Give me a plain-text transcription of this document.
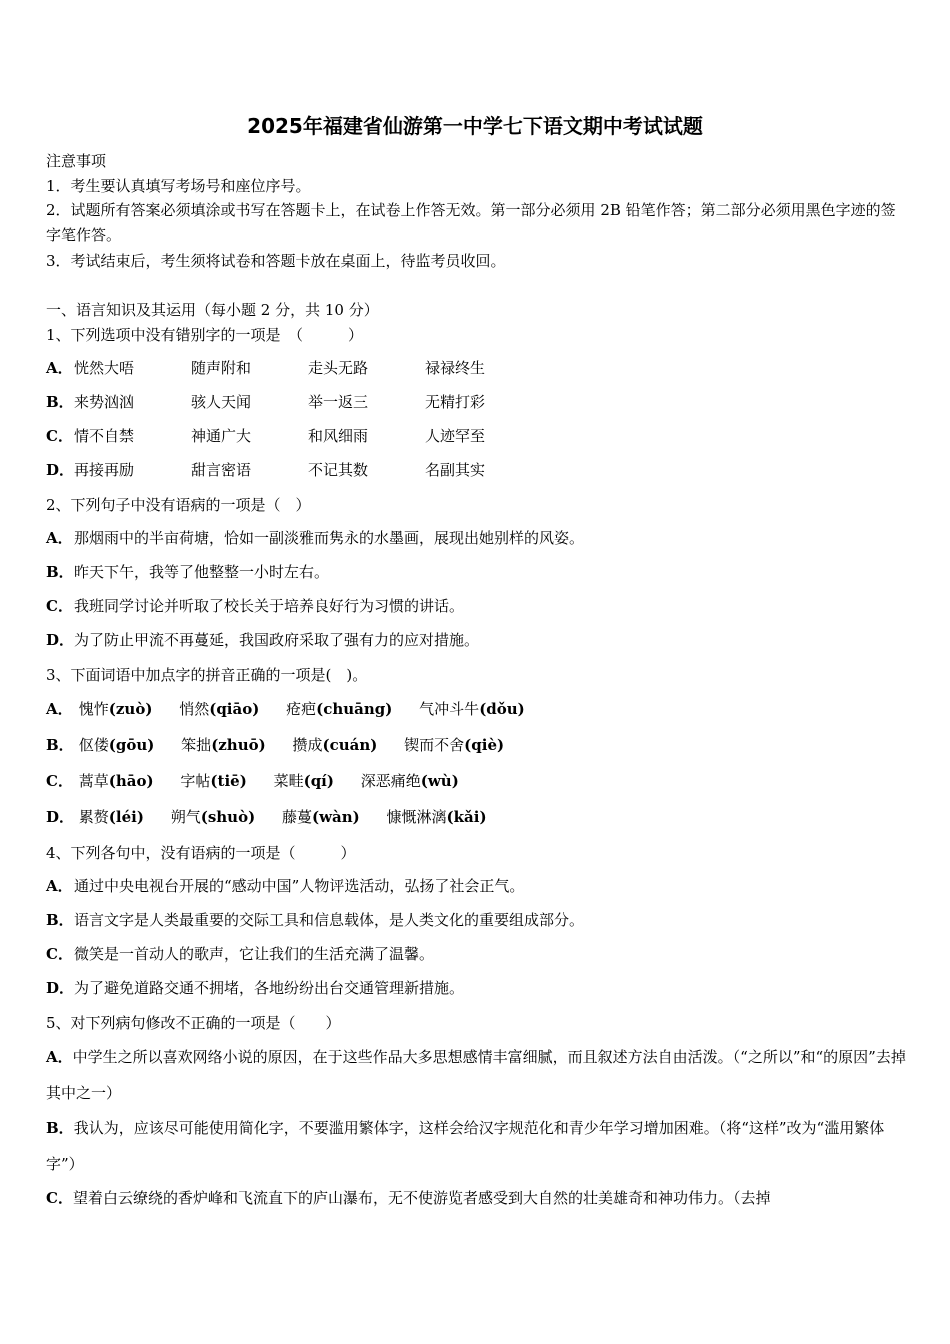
2025年福建省仙游第一中学七下语文期中考试试题
注意事项
1．考生要认真填写考场号和座位序号。
2．试题所有答案必须填涂或书写在答题卡上，在试卷上作答无效。第一部分必须用 2B 铅笔作答；第二部分必须用黑色字迹的签字笔作答。
3．考试结束后，考生须将试卷和答题卡放在桌面上，待监考员收回。
一、语言知识及其运用（每小题 2 分，共 10 分）
1、下列选项中没有错别字的一项是　（　　　）
A．恍然大唔	随声附和	走头无路	禄禄终生
B．来势汹汹	骇人天闻	举一返三	无精打彩
C．情不自禁	神通广大	和风细雨	人迹罕至
D．再接再励	甜言密语	不记其数	名副其实
2、下列句子中没有语病的一项是（　）
A．那烟雨中的半亩荷塘，恰如一副淡雅而隽永的水墨画，展现出她别样的风姿。
B．昨天下午，我等了他整整一小时左右。
C．我班同学讨论并听取了校长关于培养良好行为习惯的讲话。
D．为了防止甲流不再蔓延，我国政府采取了强有力的应对措施。
3、下面词语中加点字的拼音正确的一项是(　)。
A． 愧怍(zuò) 悄然(qiāo) 疮疤(chuāng) 气冲斗牛(dǒu)
B． 伛偻(gōu) 笨拙(zhuō) 攒成(cuán) 锲而不舍(qiè)
C． 蒿草(hāo) 字帖(tiē) 菜畦(qí) 深恶痛绝(wù)
D． 累赘(léi) 朔气(shuò) 藤蔓(wàn) 慷慨淋漓(kǎi)
4、下列各句中，没有语病的一项是（　　　）
A．通过中央电视台开展的“感动中国”人物评选活动，弘扬了社会正气。
B．语言文字是人类最重要的交际工具和信息载体，是人类文化的重要组成部分。
C．微笑是一首动人的歌声，它让我们的生活充满了温馨。
D．为了避免道路交通不拥堵，各地纷纷出台交通管理新措施。
5、对下列病句修改不正确的一项是（　　）
A．中学生之所以喜欢网络小说的原因，在于这些作品大多思想感情丰富细腻，而且叙述方法自由活泼。（“之所以”和“的原因”去掉其中之一）
B．我认为，应该尽可能使用简化字，不要滥用繁体字，这样会给汉字规范化和青少年学习增加困难。（将“这样”改为“滥用繁体字”）
C．望着白云缭绕的香炉峰和飞流直下的庐山瀑布，无不使游览者感受到大自然的壮美雄奇和神功伟力。（去掉
